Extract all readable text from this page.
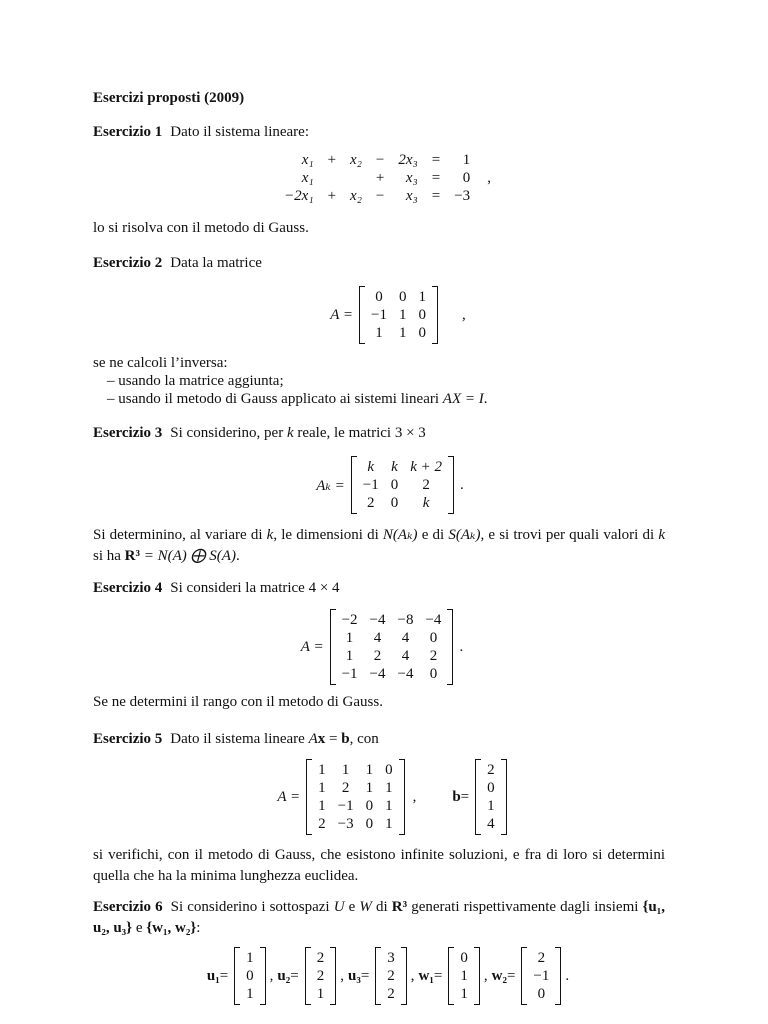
Esercizi proposti (2009)
Esercizio 1 Dato il sistema lineare:
x₁	+	x₂	−	2x₃	=	1
x₁			+	x₃	=	0
−2x₁	+	x₂	−	x₃	=	−3
,
lo si risolva con il metodo di Gauss.
Esercizio 2 Data la matrice
A =
0	0	1
−1	1	0
1	1	0
,
se ne calcoli l’inversa:
– usando la matrice aggiunta;
– usando il metodo di Gauss applicato ai sistemi lineari AX = I.
Esercizio 3 Si considerino, per k reale, le matrici 3 × 3
Aₖ =
k	k	k + 2
−1	0	2
2	0	k
.
Si determinino, al variare di k, le dimensioni di N(Aₖ) e di S(Aₖ), e si trovi per quali valori di k si ha R³ = N(A) ⨁ S(A).
Esercizio 4 Si consideri la matrice 4 × 4
A =
−2	−4	−8	−4
1	4	4	0
1	2	4	2
−1	−4	−4	0
.
Se ne determini il rango con il metodo di Gauss.
Esercizio 5 Dato il sistema lineare Ax = b, con
A =
1	1	1	0
1	2	1	1
1	−1	0	1
2	−3	0	1
, b =
2
0
1
4
si verifichi, con il metodo di Gauss, che esistono infinite soluzioni, e fra di loro si determini quella che ha la minima lunghezza euclidea.
Esercizio 6 Si considerino i sottospazi U e W di R³ generati rispettivamente dagli insiemi {u₁, u₂, u₃} e {w₁, w₂}:
u₁ =
1
0
1
, u₂ =
2
2
1
, u₃ =
3
2
2
, w₁ =
0
1
1
, w₂ =
2
−1
0
.
